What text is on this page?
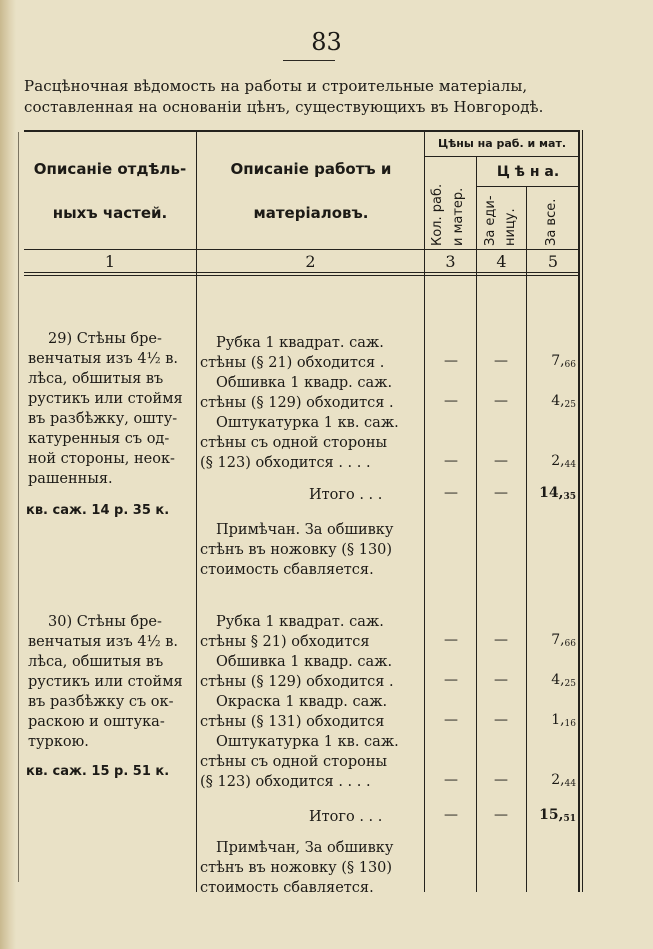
83
Расцѣночная вѣдомость на работы и строительные матеріалы,
составленная на основаніи цѣнъ, существующихъ въ Новгородѣ.
Описаніе отдѣль-
ныхъ частей.
Описаніе работъ и
матеріаловъ.
Цѣны на раб. и мат.
Ц ѣ н а.
Кол. раб. и матер. За еди- ницу. За все.
1	2	3	4	5
29) Стѣны бре-
венчатыя изъ 4½ в.
лѣса, обшитыя въ
рустикъ или стоймя
въ разбѣжку, ошту-
катуренныя съ од-
ной стороны, неок-
рашенныя.
кв. саж. 14 р. 35 к.
Рубка 1 квадрат. саж.
стѣны (§ 21) обходится .	—	—	$7,_{66}$
Обшивка 1 квадр. саж.
стѣны (§ 129) обходится .	—	—	$4,_{25}$
Оштукатурка 1 кв. саж.
стѣны съ одной стороны
(§ 123) обходится . . . .	—	—	$2,_{44}$
Итого . . .	—	—	$14,_{35}$
Примѣчан. За обшивку
стѣнъ въ ножовку (§ 130)
стоимость сбавляется.
30) Стѣны бре-
венчатыя изъ 4½ в.
лѣса, обшитыя въ
рустикъ или стоймя
въ разбѣжку съ ок-
раскою и оштука-
туркою.
кв. саж. 15 р. 51 к.
Рубка 1 квадрат. саж.
стѣны § 21) обходится	—	—	$7,_{66}$
Обшивка 1 квадр. саж.
стѣны (§ 129) обходится .	—	—	$4,_{25}$
Окраска 1 квадр. саж.
стѣны (§ 131) обходится	—	—	$1,_{16}$
Оштукатурка 1 кв. саж.
стѣны съ одной стороны
(§ 123) обходится . . . .	—	—	$2,_{44}$
Итого . . .	—	—	$15,_{51}$
Примѣчан, За обшивку
стѣнъ въ ножовку (§ 130)
стоимость сбавляется.
